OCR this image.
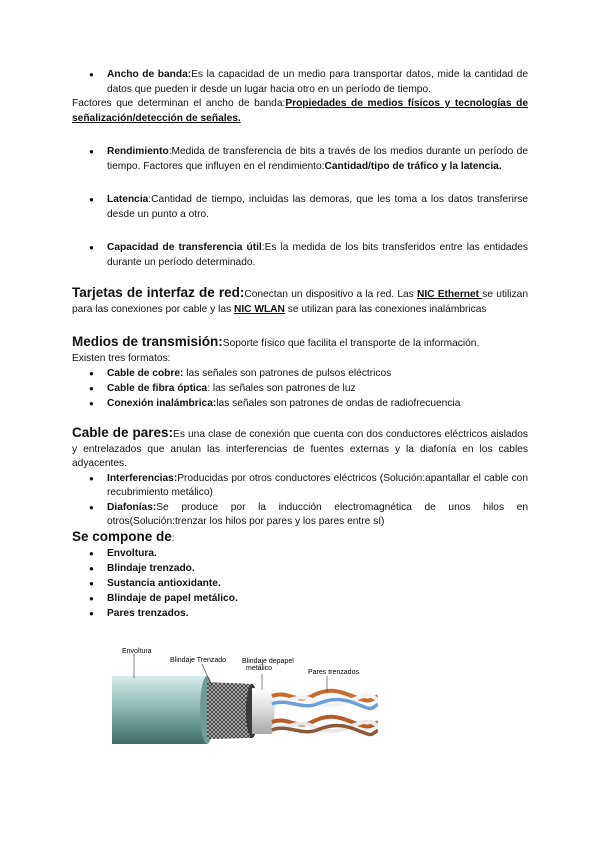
● Ancho de banda:Es la capacidad de un medio para transportar datos, mide la cantidad de datos que pueden ir desde un lugar hacia otro en un período de tiempo.
Factores que determinan el ancho de banda:Propiedades de medios físicos y tecnologías de señalización/detección de señales.
● Rendimiento:Medida de transferencia de bits a través de los medios durante un período de tiempo. Factores que influyen en el rendimiento:Cantidad/tipo de tráfico y la latencia.
● Latencia:Cantidad de tiempo, incluidas las demoras, que les toma a los datos transferirse desde un punto a otro.
● Capacidad de transferencia útil:Es la medida de los bits transferidos entre las entidades durante un período determinado.
Tarjetas de interfaz de red:Conectan un dispositivo a la red. Las NIC Ethernet se utilizan para las conexiones por cable y las NIC WLAN se utilizan para las conexiones inalámbricas
Medios de transmisión:Soporte físico que facilita el transporte de la información.
Existen tres formatos:
● Cable de cobre: las señales son patrones de pulsos eléctricos
● Cable de fibra óptica: las señales son patrones de luz
● Conexión inalámbrica:las señales son patrones de ondas de radiofrecuencia
Cable de pares:Es una clase de conexión que cuenta con dos conductores eléctricos aislados y entrelazados que anulan las interferencias de fuentes externas y la diafonía en los cables adyacentes.
● Interferencias:Producidas por otros conductores eléctricos (Solución:apantallar el cable con recubrimiento metálico)
● Diafonías:Se produce por la inducción electromagnética de unos hilos en otros(Solución:trenzar los hilos por pares y los pares entre sí)
Se compone de:
● Envoltura.
● Blindaje trenzado.
● Sustancia antioxidante.
● Blindaje de papel metálico.
● Pares trenzados.
Envoltura
Blindaje Trenzado Blindaje depapel
metálico
Pares trenzados
